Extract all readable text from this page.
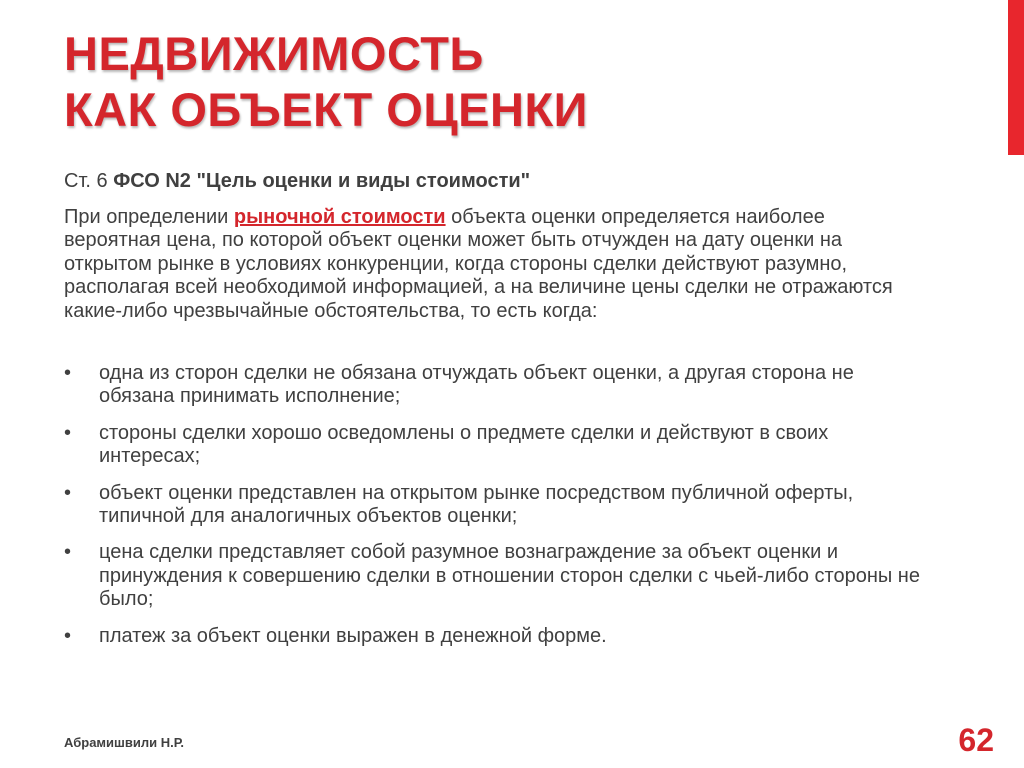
НЕДВИЖИМОСТЬ
КАК ОБЪЕКТ ОЦЕНКИ
Ст. 6 ФСО N2 "Цель оценки и виды стоимости"
При определении рыночной стоимости объекта оценки определяется наиболее вероятная цена, по которой объект оценки может быть отчужден на дату оценки на открытом рынке в условиях конкуренции, когда стороны сделки действуют разумно, располагая всей необходимой информацией, а на величине цены сделки не отражаются какие-либо чрезвычайные обстоятельства, то есть когда:
•	одна из сторон сделки не обязана отчуждать объект оценки, а другая сторона не обязана принимать исполнение;
•	стороны сделки хорошо осведомлены о предмете сделки и действуют в своих интересах;
•	объект оценки представлен на открытом рынке посредством публичной оферты, типичной для аналогичных объектов оценки;
•	цена сделки представляет собой разумное вознаграждение за объект оценки и принуждения к совершению сделки в отношении сторон сделки с чьей-либо стороны не было;
•	платеж за объект оценки выражен в денежной форме.
Абрамишвили Н.Р.	62
